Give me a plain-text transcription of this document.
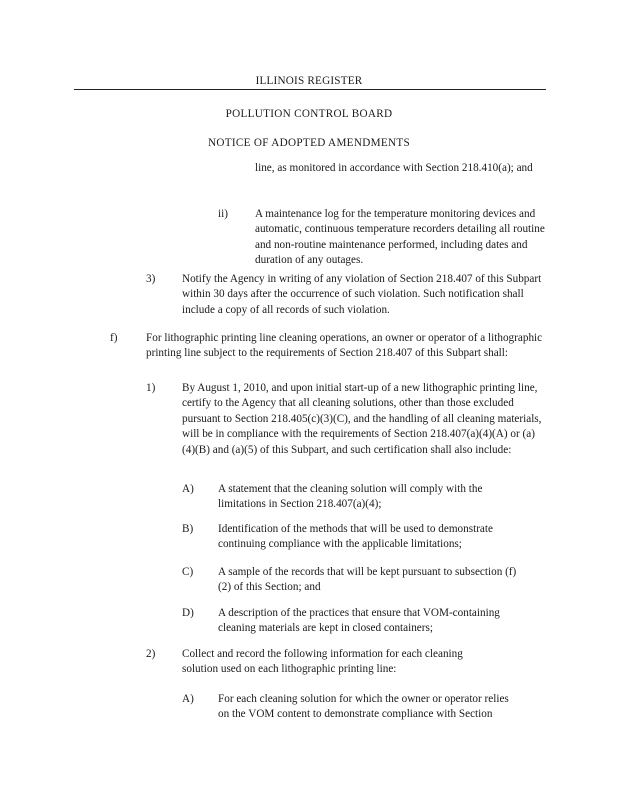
ILLINOIS REGISTER
POLLUTION CONTROL BOARD
NOTICE OF ADOPTED AMENDMENTS
line, as monitored in accordance with Section 218.410(a); and
ii) A maintenance log for the temperature monitoring devices and automatic, continuous temperature recorders detailing all routine and non-routine maintenance performed, including dates and duration of any outages.
3) Notify the Agency in writing of any violation of Section 218.407 of this Subpart within 30 days after the occurrence of such violation. Such notification shall include a copy of all records of such violation.
f)	For lithographic printing line cleaning operations, an owner or operator of a lithographic printing line subject to the requirements of Section 218.407 of this Subpart shall:
1) By August 1, 2010, and upon initial start-up of a new lithographic printing line, certify to the Agency that all cleaning solutions, other than those excluded pursuant to Section 218.405(c)(3)(C), and the handling of all cleaning materials, will be in compliance with the requirements of Section 218.407(a)(4)(A) or (a)(4)(B) and (a)(5) of this Subpart, and such certification shall also include:
A) A statement that the cleaning solution will comply with the limitations in Section 218.407(a)(4);
B) Identification of the methods that will be used to demonstrate continuing compliance with the applicable limitations;
C) A sample of the records that will be kept pursuant to subsection (f)(2) of this Section; and
D) A description of the practices that ensure that VOM-containing cleaning materials are kept in closed containers;
2) Collect and record the following information for each cleaning solution used on each lithographic printing line:
A) For each cleaning solution for which the owner or operator relies on the VOM content to demonstrate compliance with Section
